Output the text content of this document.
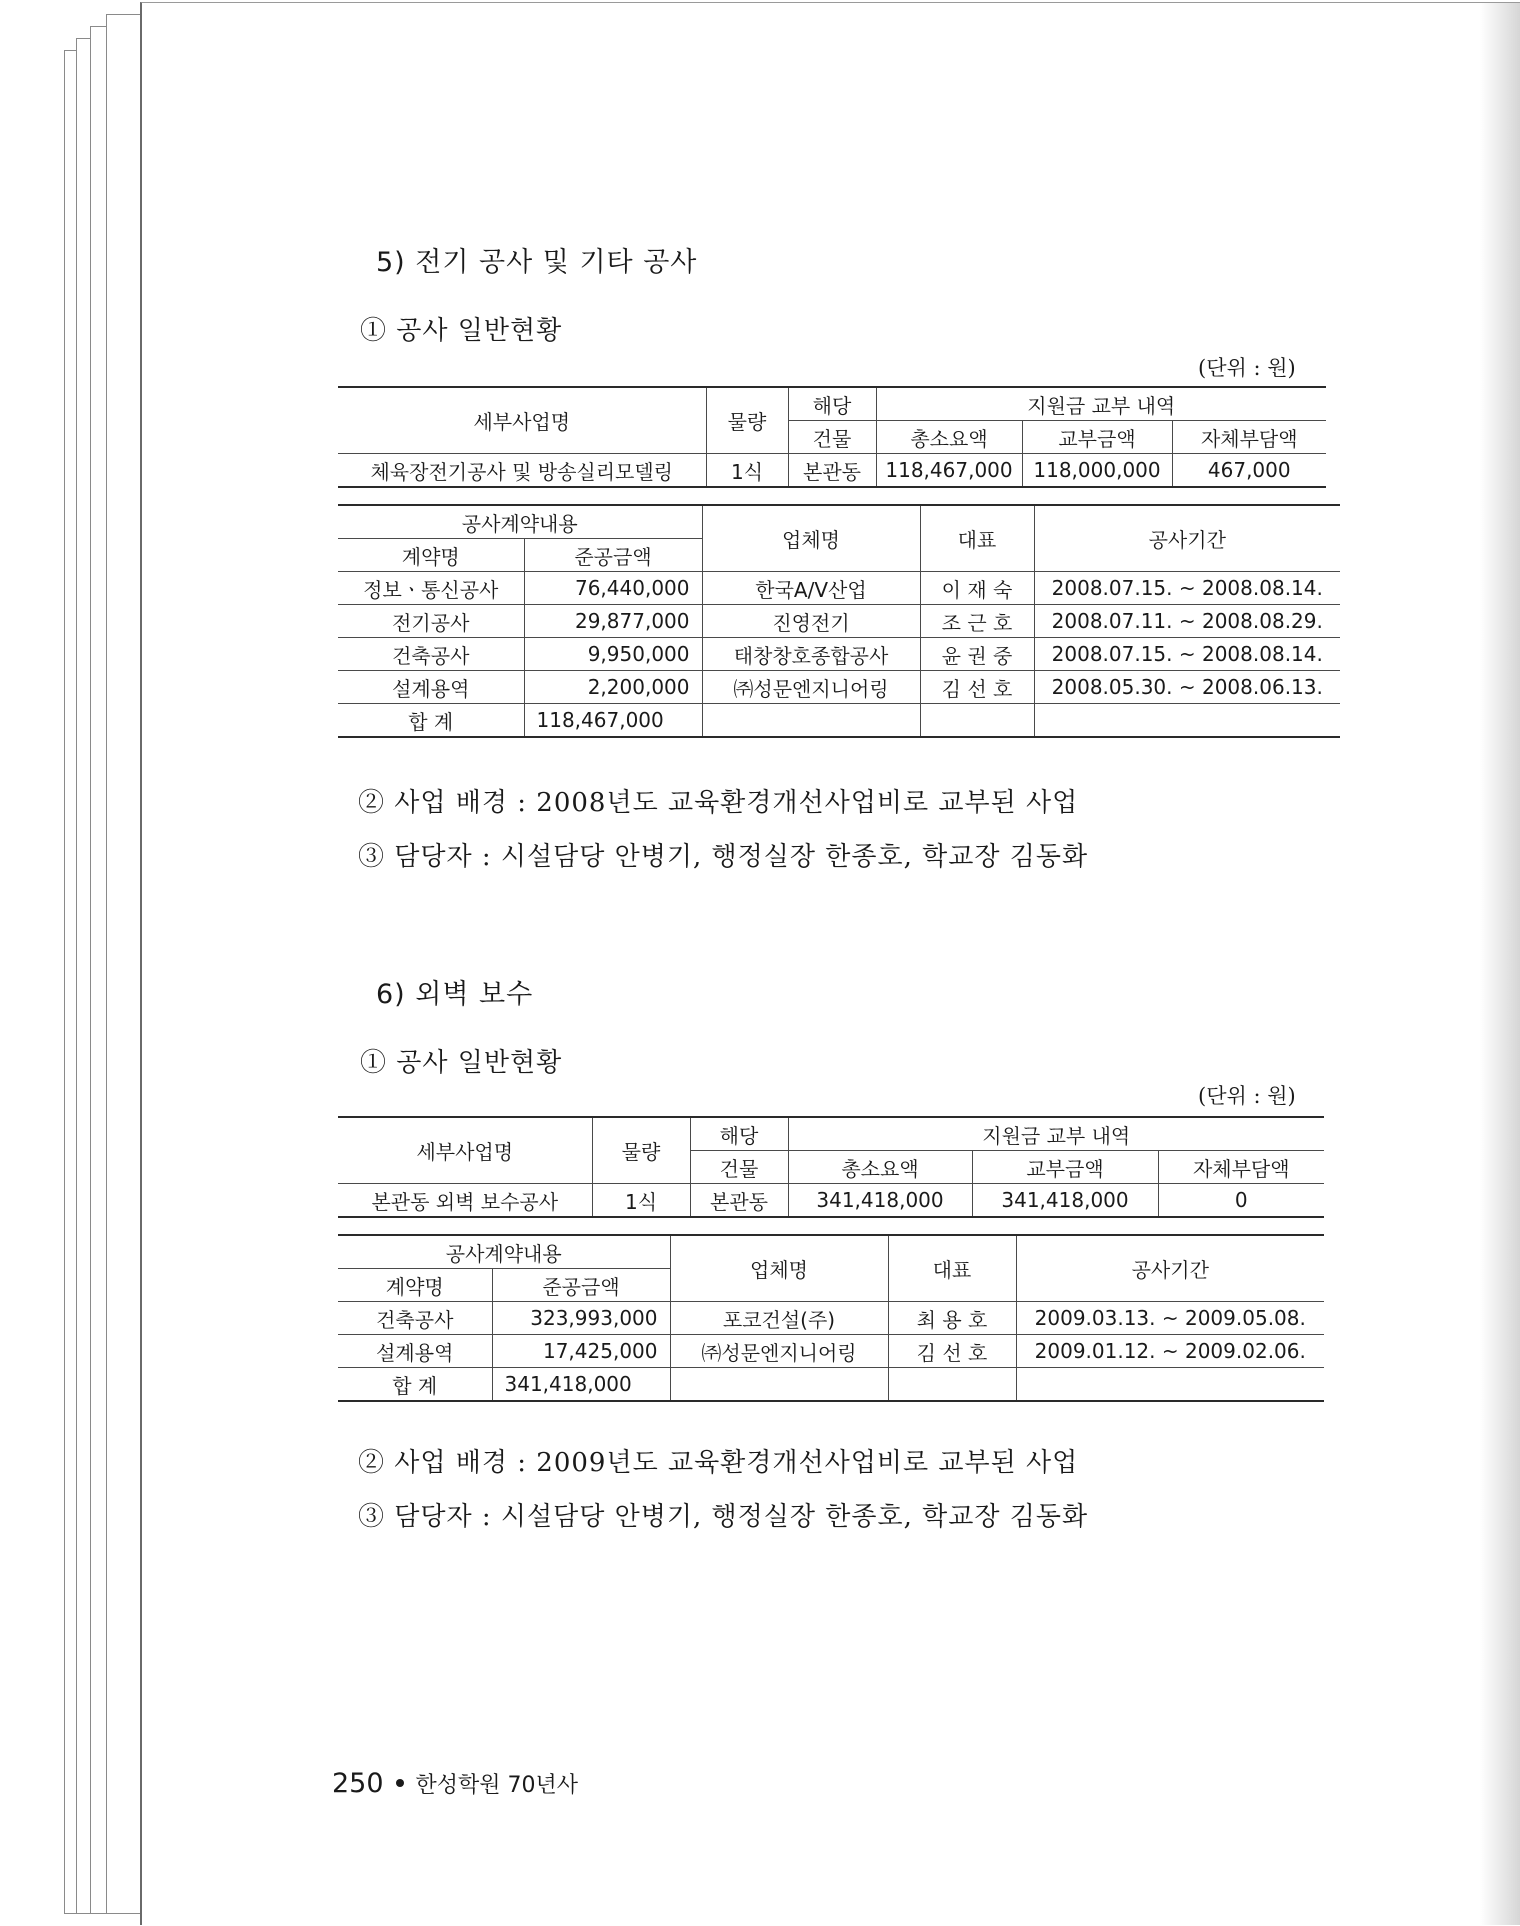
5) 전기 공사 및 기타 공사
① 공사 일반현황
(단위 : 원)
세부사업명	물량	해당	지원금 교부 내역		
		건물	총소요액	교부금액	자체부담액
체육장전기공사 및 방송실리모델링	1식	본관동	118,467,000	118,000,000	467,000
공사계약내용		업체명	대표	공사기간
계약명	준공금액			
정보ㆍ통신공사	76,440,000	한국A/V산업	이 재 숙	2008.07.15. ~ 2008.08.14.
전기공사	29,877,000	진영전기	조 근 호	2008.07.11. ~ 2008.08.29.
건축공사	9,950,000	태창창호종합공사	윤 권 중	2008.07.15. ~ 2008.08.14.
설계용역	2,200,000	㈜성문엔지니어링	김 선 호	2008.05.30. ~ 2008.06.13.
합 계	118,467,000			
② 사업 배경 : 2008년도 교육환경개선사업비로 교부된 사업
③ 담당자 : 시설담당 안병기, 행정실장 한종호, 학교장 김동화
6) 외벽 보수
① 공사 일반현황
(단위 : 원)
세부사업명	물량	해당	지원금 교부 내역		
		건물	총소요액	교부금액	자체부담액
본관동 외벽 보수공사	1식	본관동	341,418,000	341,418,000	0
공사계약내용		업체명	대표	공사기간
계약명	준공금액			
건축공사	323,993,000	포코건설(주)	최 용 호	2009.03.13. ~ 2009.05.08.
설계용역	17,425,000	㈜성문엔지니어링	김 선 호	2009.01.12. ~ 2009.02.06.
합 계	341,418,000			
② 사업 배경 : 2009년도 교육환경개선사업비로 교부된 사업
③ 담당자 : 시설담당 안병기, 행정실장 한종호, 학교장 김동화
250 한성학원 70년사
